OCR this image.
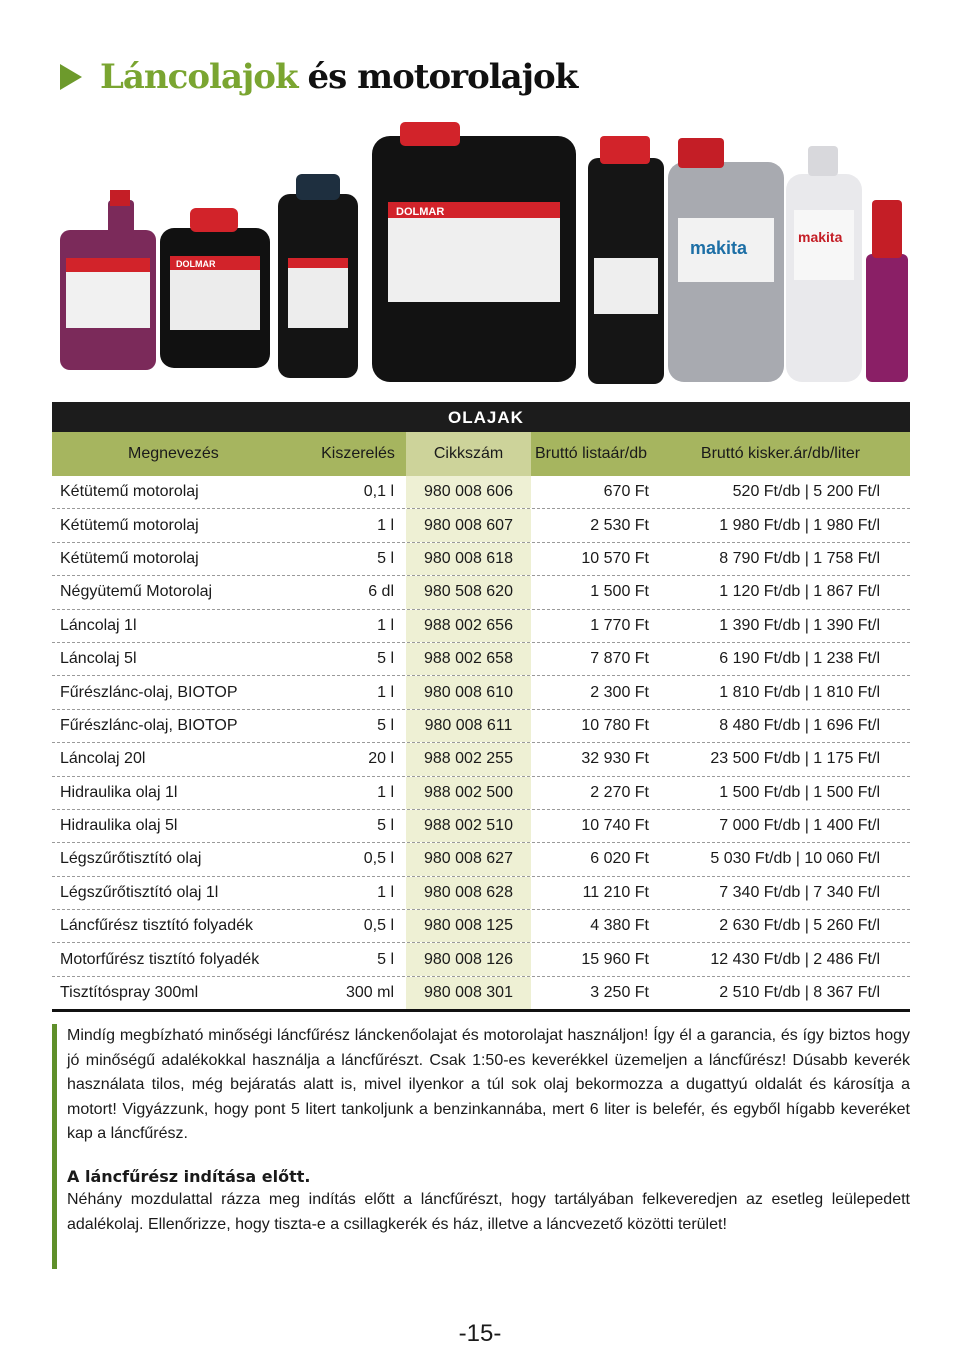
Láncolajok és motorolajok
DOLMAR
DOLMAR
makita
makita
OLAJAK
Megnevezés	Kiszerelés	Cikkszám	Bruttó listaár/db	Bruttó kisker.ár/db/liter
Kétütemű motorolaj	0,1 l	980 008 606	670 Ft	520 Ft/db | 5 200 Ft/l
Kétütemű motorolaj	1 l	980 008 607	2 530 Ft	1 980 Ft/db | 1 980 Ft/l
Kétütemű motorolaj	5 l	980 008 618	10 570 Ft	8 790 Ft/db | 1 758 Ft/l
Négyütemű Motorolaj	6 dl	980 508 620	1 500 Ft	1 120 Ft/db | 1 867 Ft/l
Láncolaj 1l	1 l	988 002 656	1 770 Ft	1 390 Ft/db | 1 390 Ft/l
Láncolaj 5l	5 l	988 002 658	7 870 Ft	6 190 Ft/db | 1 238 Ft/l
Fűrészlánc-olaj, BIOTOP	1 l	980 008 610	2 300 Ft	1 810 Ft/db | 1 810 Ft/l
Fűrészlánc-olaj, BIOTOP	5 l	980 008 611	10 780 Ft	8 480 Ft/db | 1 696 Ft/l
Láncolaj 20l	20 l	988 002 255	32 930 Ft	23 500 Ft/db | 1 175 Ft/l
Hidraulika olaj 1l	1 l	988 002 500	2 270 Ft	1 500 Ft/db | 1 500 Ft/l
Hidraulika olaj 5l	5 l	988 002 510	10 740 Ft	7 000 Ft/db | 1 400 Ft/l
Légszűrőtisztító olaj	0,5 l	980 008 627	6 020 Ft	5 030 Ft/db | 10 060 Ft/l
Légszűrőtisztító olaj 1l	1 l	980 008 628	11 210 Ft	7 340 Ft/db | 7 340 Ft/l
Láncfűrész tisztító folyadék	0,5 l	980 008 125	4 380 Ft	2 630 Ft/db | 5 260 Ft/l
Motorfűrész tisztító folyadék	5 l	980 008 126	15 960 Ft	12 430 Ft/db | 2 486 Ft/l
Tisztítóspray 300ml	300 ml	980 008 301	3 250 Ft	2 510 Ft/db | 8 367 Ft/l

Mindíg megbízható minőségi láncfűrész lánckenőolajat és motorolajat használjon! Így él a garancia, és így biztos hogy jó minőségű adalékokkal használja a láncfűrészt. Csak 1:50-es keverékkel üzemeljen a láncfűrész! Dúsabb keverék használata tilos, még bejáratás alatt is, mivel ilyenkor a túl sok olaj bekormozza a dugattyú oldalát és károsítja a motort! Vigyázzunk, hogy pont 5 litert tankoljunk a benzinkannába, mert 6 liter is belefér, és egyből hígabb keveréket kap a láncfűrész.

A láncfűrész indítása előtt.

Néhány mozdulattal rázza meg indítás előtt a láncfűrészt, hogy tartályában felkeveredjen az esetleg leülepedett adalékolaj. Ellenőrizze, hogy tiszta-e a csillagkerék és ház, illetve a láncvezető közötti terület!

-15-
